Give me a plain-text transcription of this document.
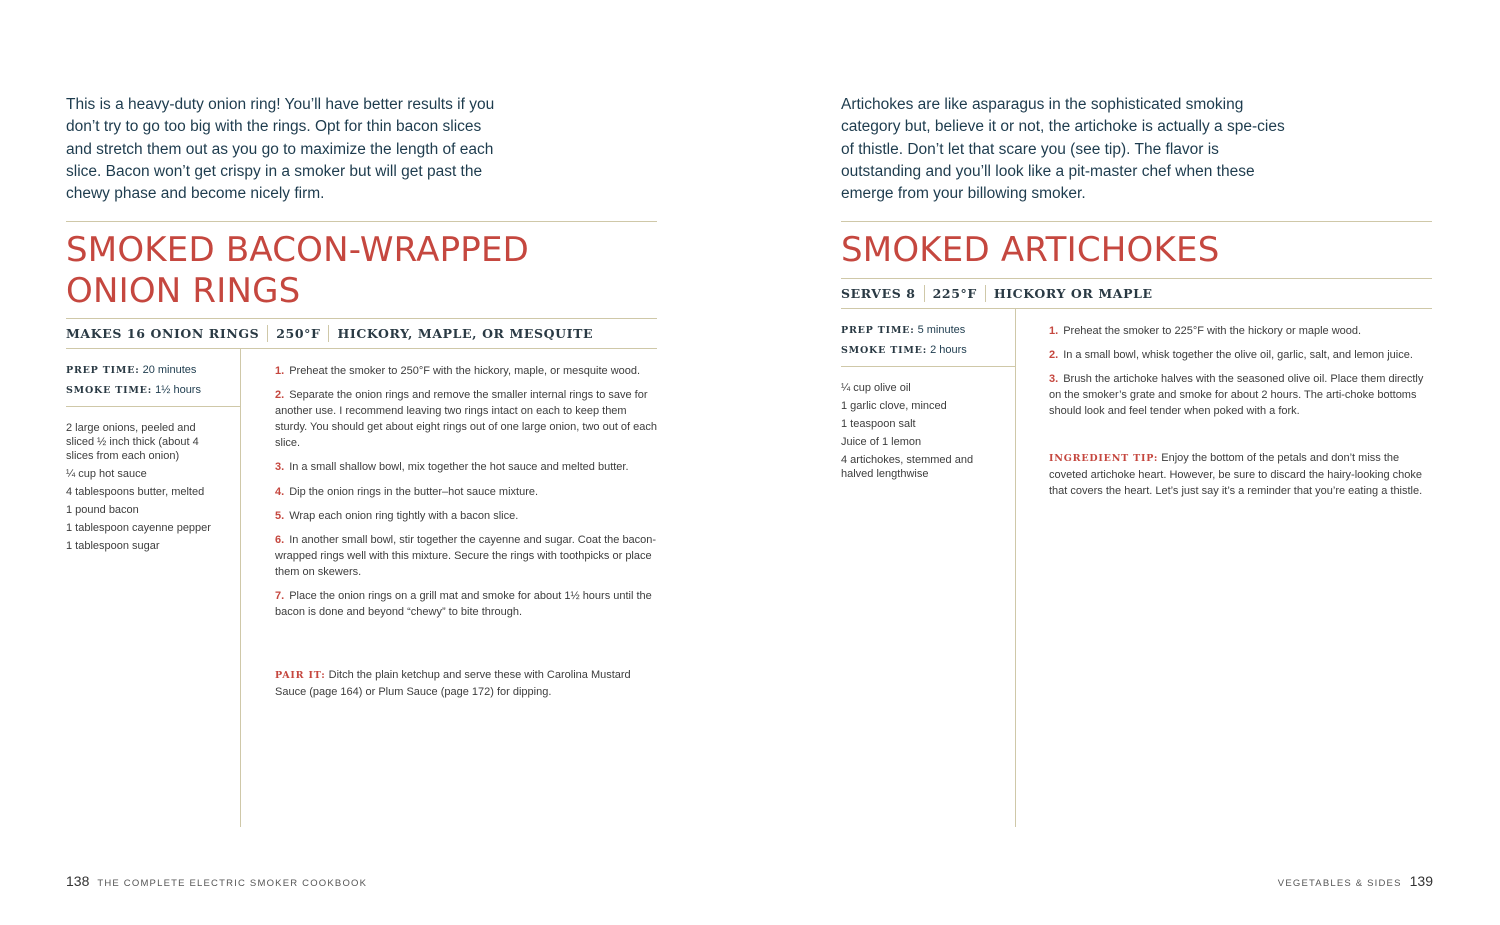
This is a heavy-duty onion ring! You’ll have better results if you don’t try to go too big with the rings. Opt for thin bacon slices and stretch them out as you go to maximize the length of each slice. Bacon won’t get crispy in a smoker but will get past the chewy phase and become nicely firm.

SMOKED BACON-WRAPPED
ONION RINGS
MAKES 16 ONION RINGS 250°F HICKORY, MAPLE, OR MESQUITE
PREP TIME: 20 minutes
SMOKE TIME: 1½ hours
2 large onions, peeled and sliced ½ inch thick (about 4 slices from each onion)
¼ cup hot sauce
4 tablespoons butter, melted
1 pound bacon
1 tablespoon cayenne pepper
1 tablespoon sugar
1. Preheat the smoker to 250°F with the hickory, maple, or mesquite wood.
2. Separate the onion rings and remove the smaller internal rings to save for another use. I recommend leaving two rings intact on each to keep them sturdy. You should get about eight rings out of one large onion, two out of each slice.
3. In a small shallow bowl, mix together the hot sauce and melted butter.
4. Dip the onion rings in the butter–hot sauce mixture.
5. Wrap each onion ring tightly with a bacon slice.
6. In another small bowl, stir together the cayenne and sugar. Coat the bacon-wrapped rings well with this mixture. Secure the rings with toothpicks or place them on skewers.
7. Place the onion rings on a grill mat and smoke for about 1½ hours until the bacon is done and beyond “chewy” to bite through.

PAIR IT: Ditch the plain ketchup and serve these with Carolina Mustard Sauce (page 164) or Plum Sauce (page 172) for dipping.

138 THE COMPLETE ELECTRIC SMOKER COOKBOOK

Artichokes are like asparagus in the sophisticated smoking category but, believe it or not, the artichoke is actually a spe-cies of thistle. Don’t let that scare you (see tip). The flavor is outstanding and you’ll look like a pit-master chef when these emerge from your billowing smoker.

SMOKED ARTICHOKES
SERVES 8 225°F HICKORY OR MAPLE
PREP TIME: 5 minutes
SMOKE TIME: 2 hours
¼ cup olive oil
1 garlic clove, minced
1 teaspoon salt
Juice of 1 lemon
4 artichokes, stemmed and halved lengthwise
1. Preheat the smoker to 225°F with the hickory or maple wood.
2. In a small bowl, whisk together the olive oil, garlic, salt, and lemon juice.
3. Brush the artichoke halves with the seasoned olive oil. Place them directly on the smoker’s grate and smoke for about 2 hours. The arti-choke bottoms should look and feel tender when poked with a fork.

INGREDIENT TIP: Enjoy the bottom of the petals and don’t miss the coveted artichoke heart. However, be sure to discard the hairy-looking choke that covers the heart. Let’s just say it’s a reminder that you’re eating a thistle.

VEGETABLES & SIDES 139
